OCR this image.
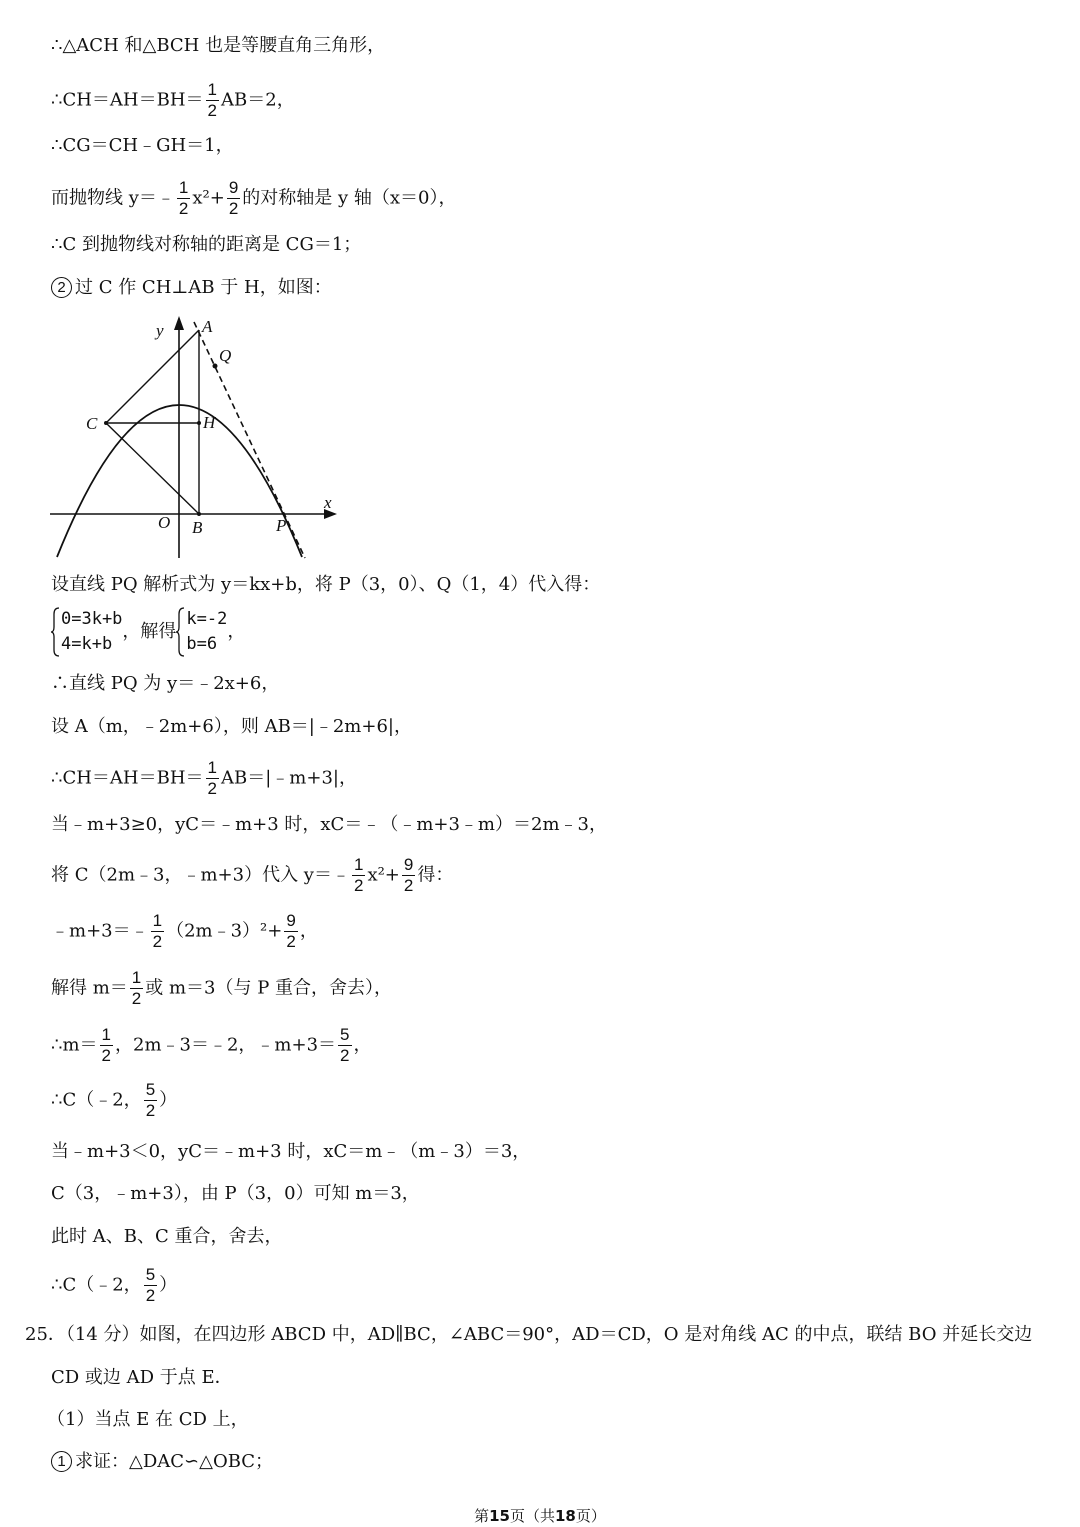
∴△ACH 和△BCH 也是等腰直角三角形，
∴CH＝AH＝BH＝ $\frac{1}{2} AB=2$，
∴CG＝CH﹣GH＝1，
而抛物线 y＝﹣ $\frac{1}{2} x^2+ \frac{9}{2}$ 的对称轴是 y 轴（x＝0），
∴C 到抛物线对称轴的距离是 CG＝1；
2 过 C 作 CH⊥AB 于 H，如图：
y A
Q
C	H
x
O B	P
设直线 PQ 解析式为 y＝kx+b，将 P（3，0）、Q（1，4）代入得：
0=3k+b
4=k+b
，解得
k=-2
b=6
，
∴直线 PQ 为 y＝﹣2x+6，
设 A（m，﹣2m+6），则 AB＝|﹣2m+6|，
∴CH＝AH＝BH＝ $\frac{1}{2}$ AB＝|﹣m+3|，
当﹣m+3≥0，yC＝﹣m+3 时，xC＝﹣（﹣m+3﹣m）＝2m﹣3，
将 C（2m﹣3，﹣m+3）代入 y＝﹣ $\frac{1}{2} x^2+ \frac{9}{2}$ 得：
﹣m+3＝﹣ $\frac{1}{2}$ （2m﹣3）²+ $\frac{9}{2}$ ，
解得 $m= \frac{1}{2}$ 或 m＝3（与 P 重合，舍去），
∴m＝ $\frac{1}{2}$ ，2m﹣3＝﹣2，﹣m+3＝ $\frac{5}{2}$ ，
∴C（﹣2， $\frac{5}{2}$ ）
当﹣m+3＜0，yC＝﹣m+3 时，xC＝m﹣（m﹣3）＝3，
C（3，﹣m+3），由 P（3，0）可知 m＝3，
此时 A、B、C 重合，舍去，
∴C（﹣2， $\frac{5}{2}$ ）
25．（14 分）如图，在四边形 ABCD 中，AD∥BC，∠ABC＝90°，AD＝CD，O 是对角线 AC 的中点，联结 BO 并延长交边
CD 或边 AD 于点 E．
（1）当点 E 在 CD 上，
1 求证：△DAC∽△OBC；
第15页（共18页）
